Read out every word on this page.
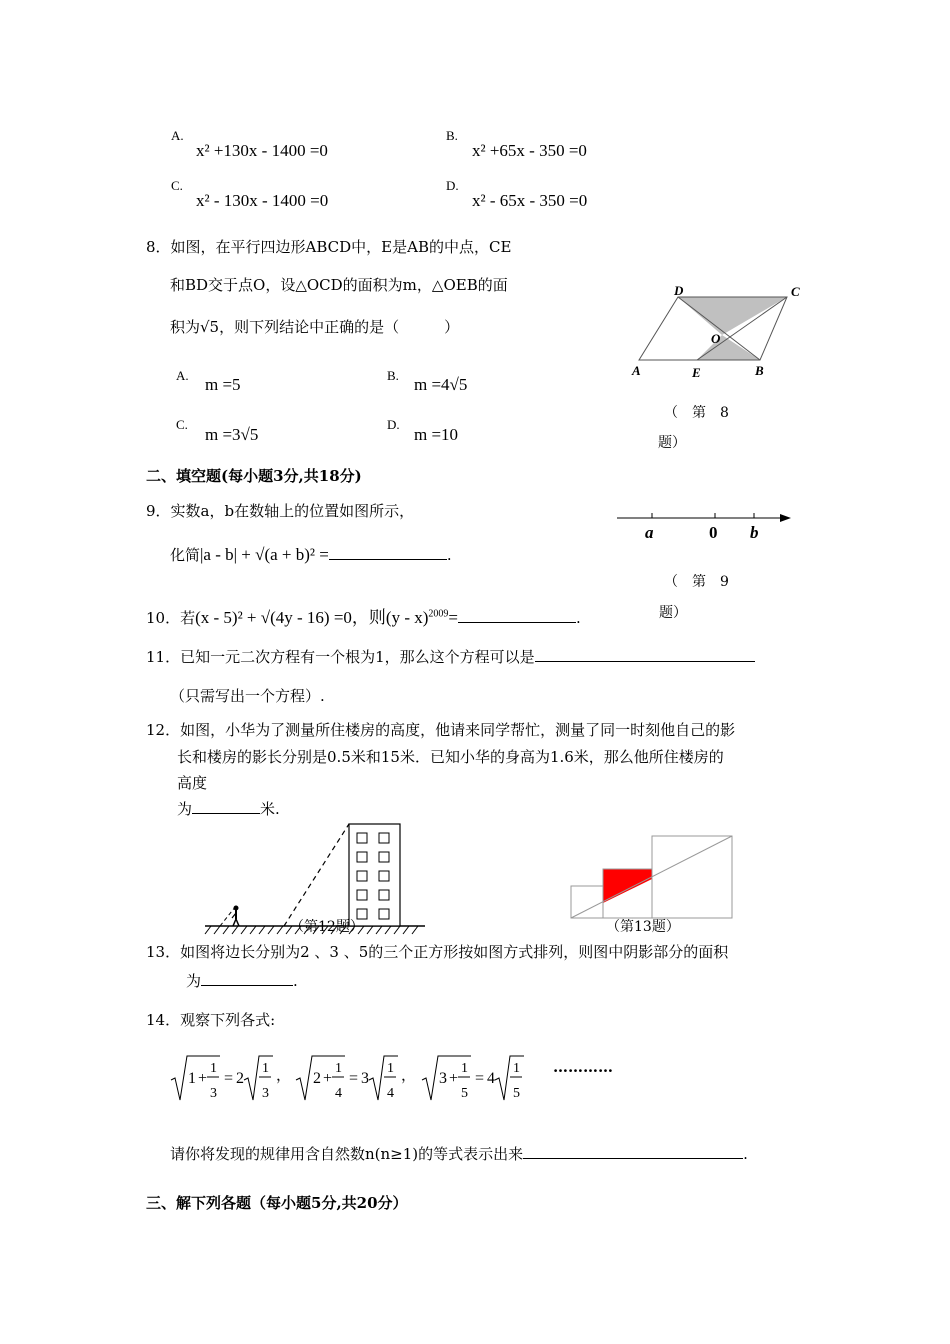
A.
x² +130x - 1400 =0
B.
x² +65x - 350 =0
C.
x² - 130x - 1400 =0
D.
x² - 65x - 350 =0
8．如图，在平行四边形ABCD中，E是AB的中点，CE
和BD交于点O，设△OCD的面积为m，△OEB的面
积为√5，则下列结论中正确的是（　　　）
A. m =5	B. m =4√5
C.
m =3√5
D.
m =10
D	C
O
A	E	B
（　第　8
题）
二、填空题(每小题3分,共18分)
9．实数a，b在数轴上的位置如图所示，
化简|a - b| + √(a + b)² =	.
a	0 b
（　第　9
题）
10．若(x - 5)² + √(4y - 16) =0，则(y - x)$^{2009}$=	.
11．已知一元二次方程有一个根为1，那么这个方程可以是
（只需写出一个方程）.
12．如图，小华为了测量所住楼房的高度，他请来同学帮忙，测量了同一时刻他自己的影
长和楼房的影长分别是0.5米和15米．已知小华的身高为1.6米，那么他所住楼房的
高度
为	米.
（第12题）	（第13题）
13．如图将边长分别为2 、3 、5的三个正方形按如图方式排列，则图中阴影部分的面积
为	.
14．观察下列各式:
1 +
1
3
= 2
1
3
2 +
1
4
= 3
1
4
3 +
1
5
= 4
1
5
，	，	…………
请你将发现的规律用含自然数n(n≥1)的等式表示出来	.
三、解下列各题（每小题5分,共20分）
